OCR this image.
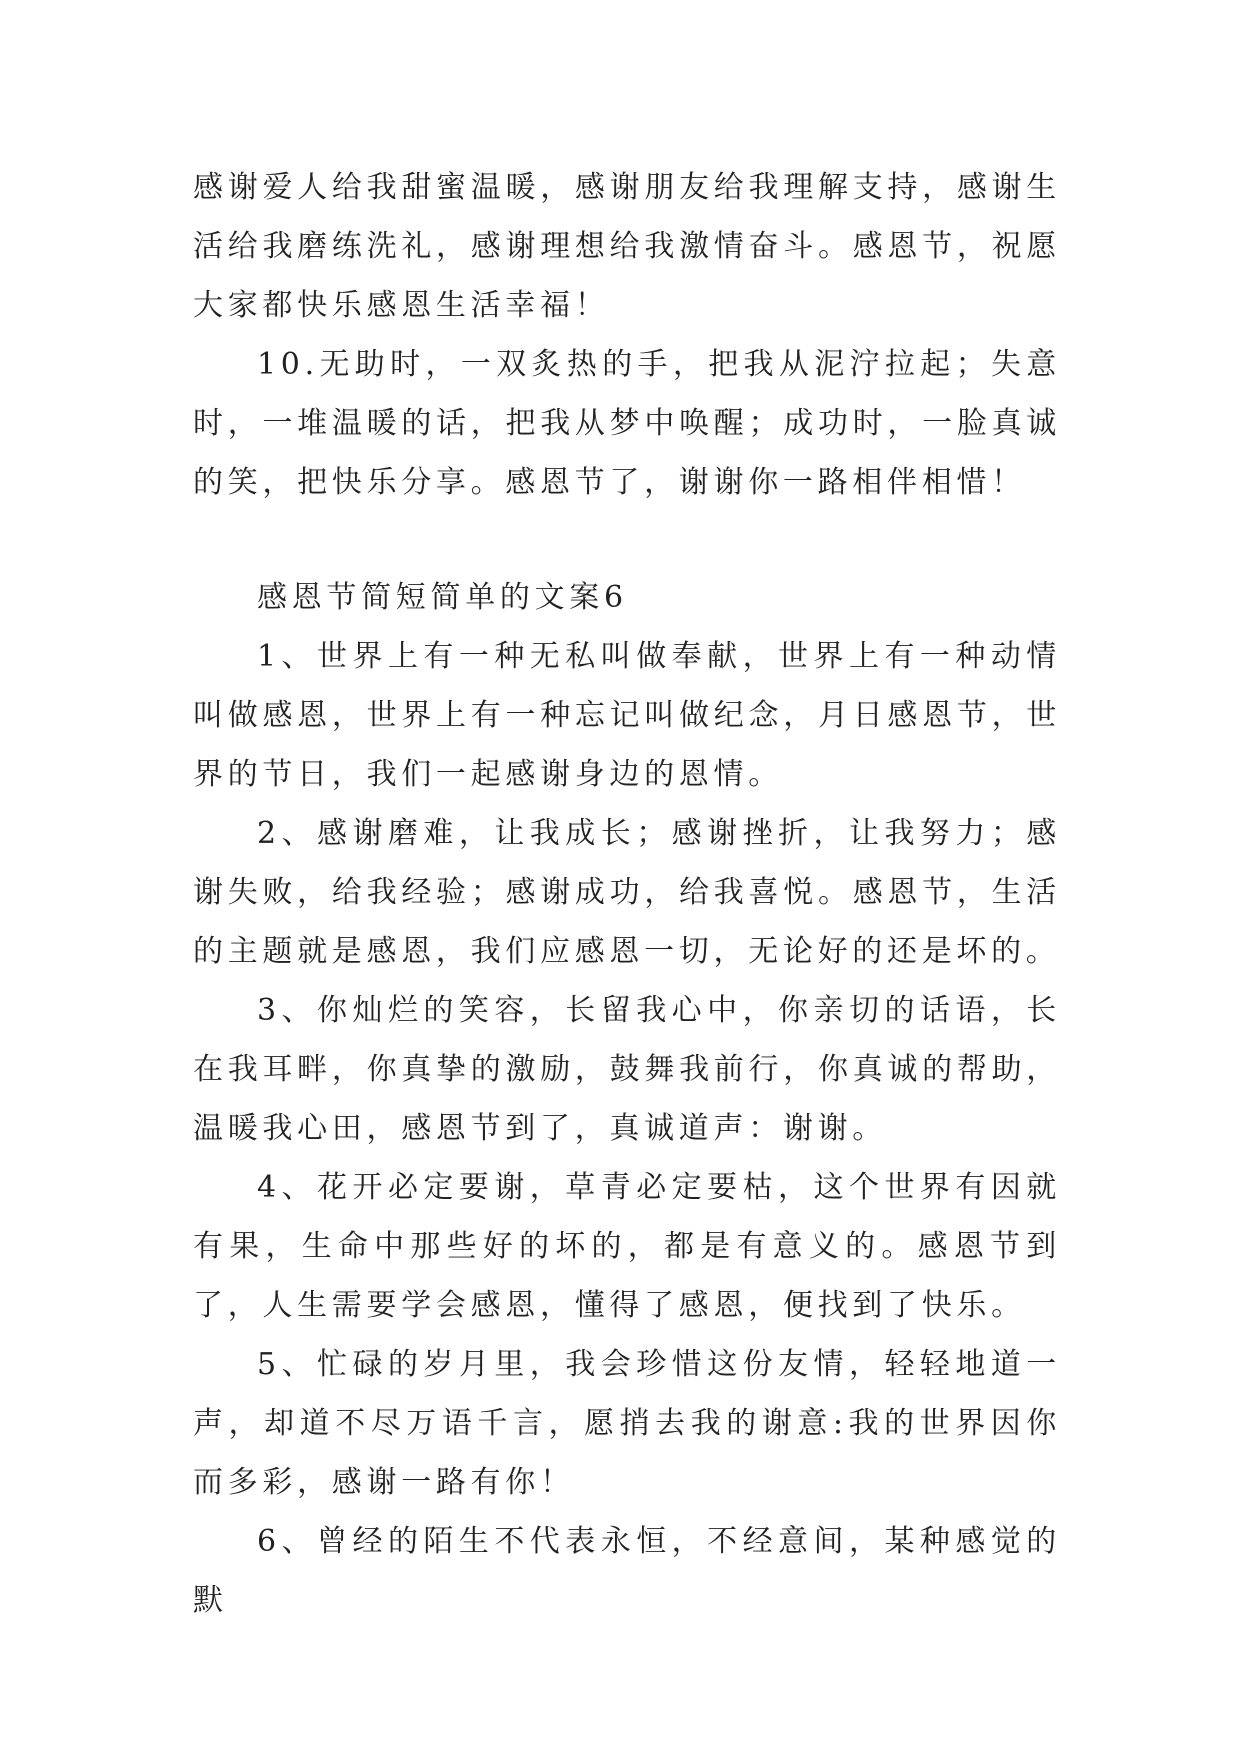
感谢爱人给我甜蜜温暖，感谢朋友给我理解支持，感谢生活给我磨练洗礼，感谢理想给我激情奋斗。感恩节，祝愿大家都快乐感恩生活幸福！

10.无助时，一双炙热的手，把我从泥泞拉起；失意时，一堆温暖的话，把我从梦中唤醒；成功时，一脸真诚的笑，把快乐分享。感恩节了，谢谢你一路相伴相惜！

感恩节简短简单的文案6

1、世界上有一种无私叫做奉献，世界上有一种动情叫做感恩，世界上有一种忘记叫做纪念，月日感恩节，世界的节日，我们一起感谢身边的恩情。

2、感谢磨难，让我成长；感谢挫折，让我努力；感谢失败，给我经验；感谢成功，给我喜悦。感恩节，生活的主题就是感恩，我们应感恩一切，无论好的还是坏的。

3、你灿烂的笑容，长留我心中，你亲切的话语，长在我耳畔，你真挚的激励，鼓舞我前行，你真诚的帮助，温暖我心田，感恩节到了，真诚道声：谢谢。

4、花开必定要谢，草青必定要枯，这个世界有因就有果，生命中那些好的坏的，都是有意义的。感恩节到了，人生需要学会感恩，懂得了感恩，便找到了快乐。

5、忙碌的岁月里，我会珍惜这份友情，轻轻地道一声，却道不尽万语千言，愿捎去我的谢意:我的世界因你而多彩，感谢一路有你！

6、曾经的陌生不代表永恒，不经意间，某种感觉的默
